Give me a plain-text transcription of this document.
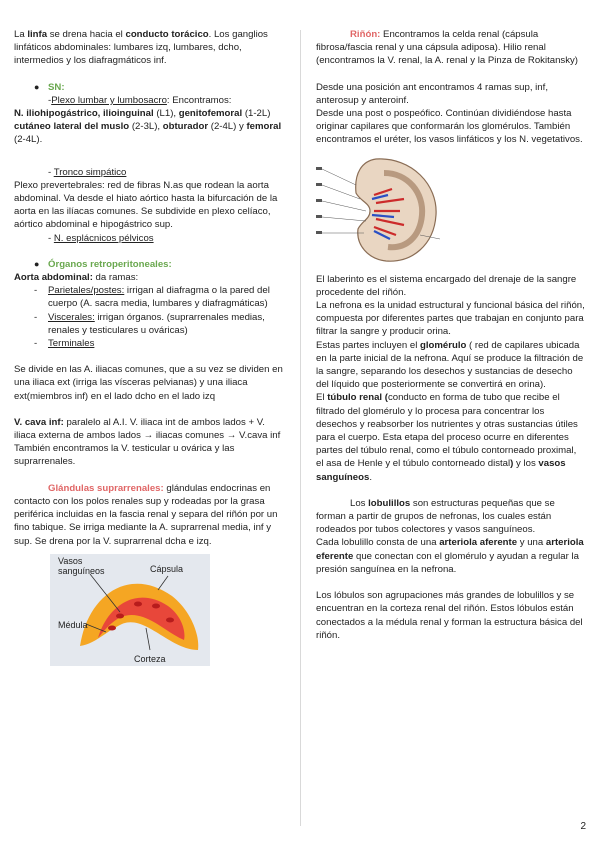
La linfa se drena hacia el conducto torácico. Los ganglios linfáticos abdominales: lumbares izq, lumbares, dcho, intermedios y los diafragmáticos inf.

● SN:

-Plexo lumbar y lumbosacro: Encontramos:

N. iliohipogástrico, ilioinguinal (L1), genitofemoral (1-2L) cutáneo lateral del muslo (2-3L), obturador (2-4L) y femoral (2-4L).

- Tronco simpático

Plexo prevertebrales: red de fibras N.as que rodean la aorta abdominal. Va desde el hiato aórtico hasta la bifurcación de la aorta en las ilíacas comunes. Se subdivide en plexo celíaco, aórtico abdominal e hipogástrico sup.

- N. esplácnicos pélvicos

● Órganos retroperitoneales:

Aorta abdominal: da ramas:

- Parietales/postes: irrigan al diafragma o la pared del cuerpo (A. sacra media, lumbares y diafragmáticas)

- Viscerales: irrigan órganos. (suprarrenales medias, renales y testiculares u ováricas)

- Terminales

Se divide en las A. iliacas comunes, que a su vez se dividen en una iliaca ext (irriga las vísceras pelvianas) y una iliaca ext(miembros inf) en el lado dcho en el lado izq

V. cava inf: paralelo al A.I. V. iliaca int de ambos lados + V. iliaca externa de ambos lados → iliacas comunes → V.cava inf

También encontramos la V. testicular u ovárica y las suprarrenales.

Glándulas suprarrenales: glándulas endocrinas en contacto con los polos renales sup y rodeadas por la grasa periférica incluidas en la fascia renal y separa del riñón por un fino tabique. Se irriga mediante la A. suprarrenal media, inf y sup. Se drena por la V. suprarrenal dcha e izq.

Vasos
sanguíneos	Cápsula
Médula
Corteza

Riñón: Encontramos la celda renal (cápsula fibrosa/fascia renal y una cápsula adiposa). Hilio renal (encontramos la V. renal, la A. renal y la Pinza de Rokitansky)

Desde una posición ant encontramos 4 ramas sup, inf, anterosup y anteroinf.

Desde una post o pospeófico. Continúan dividiéndose hasta originar capilares que conformarán los glomérulos. También encontramos el uréter, los vasos linfáticos y los N. vegetativos.

El laberinto es el sistema encargado del drenaje de la sangre procedente del riñón.

La nefrona es la unidad estructural y funcional básica del riñón, compuesta por diferentes partes que trabajan en conjunto para filtrar la sangre y producir orina.

Estas partes incluyen el glomérulo ( red de capilares ubicada en la parte inicial de la nefrona. Aquí se produce la filtración de la sangre, separando los desechos y sustancias de desecho del líquido que posteriormente se convertirá en orina).

El túbulo renal (conducto en forma de tubo que recibe el filtrado del glomérulo y lo procesa para concentrar los desechos y reabsorber los nutrientes y otras sustancias útiles para el cuerpo. Esta etapa del proceso ocurre en diferentes partes del túbulo renal, como el túbulo contorneado proximal, el asa de Henle y el túbulo contorneado distal) y los vasos sanguíneos.

Los lobulillos son estructuras pequeñas que se forman a partir de grupos de nefronas, los cuales están rodeados por tubos colectores y vasos sanguíneos.

Cada lobulillo consta de una arteriola aferente y una arteriola eferente que conectan con el glomérulo y ayudan a regular la presión sanguínea en la nefrona.

Los lóbulos son agrupaciones más grandes de lobulillos y se encuentran en la corteza renal del riñón. Estos lóbulos están conectados a la médula renal y forman la estructura básica del riñón.

2
